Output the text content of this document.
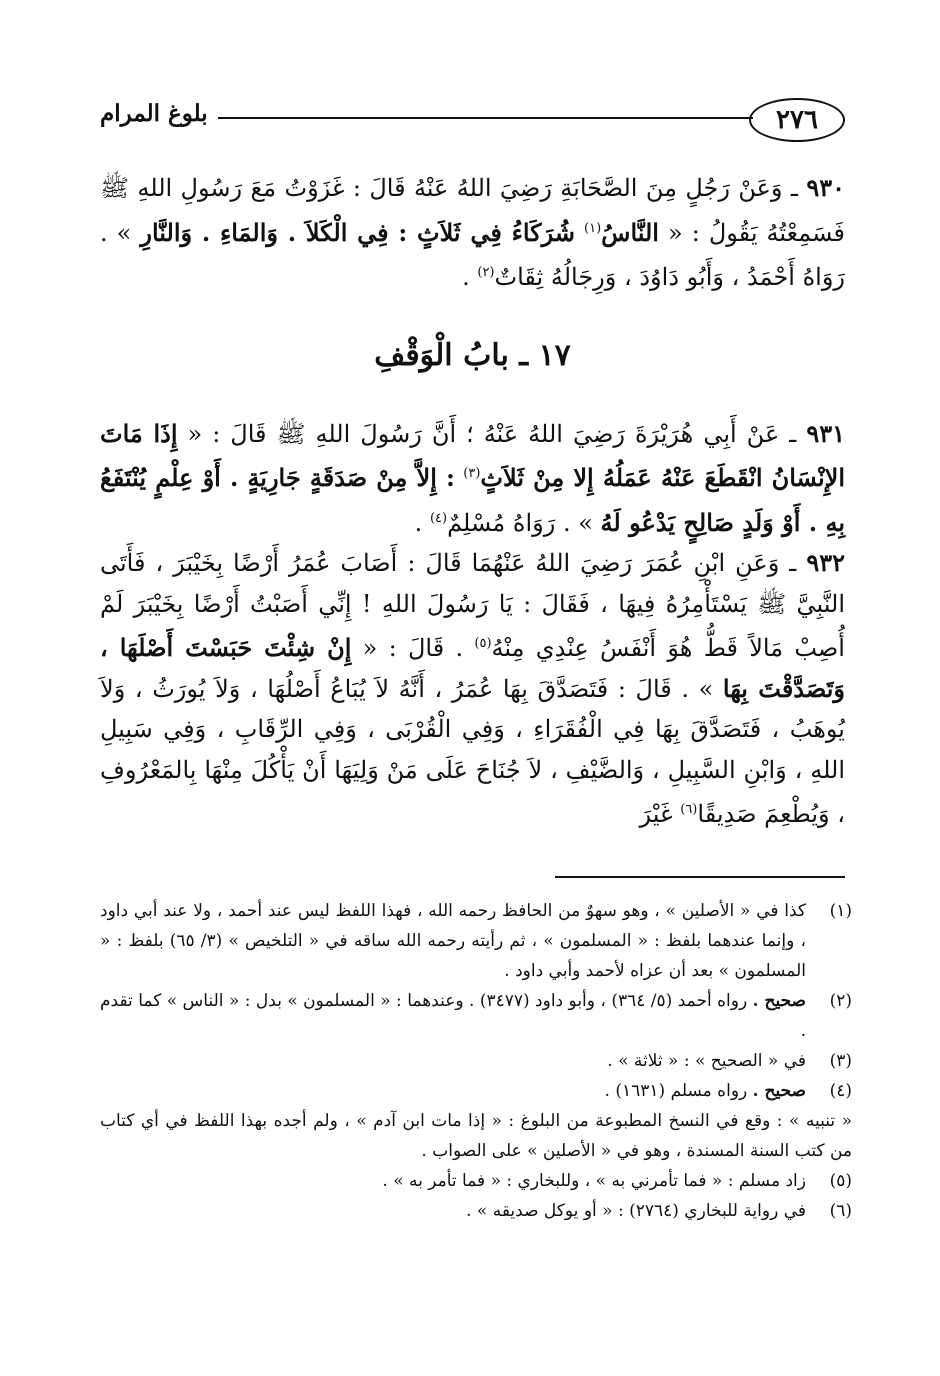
٢٧٦
بلوغ المرام

٩٣٠ ـ وَعَنْ رَجُلٍ مِنَ الصَّحَابَةِ رَضِيَ اللهُ عَنْهُ قَالَ : غَزَوْتُ مَعَ رَسُولِ اللهِ ﷺ فَسَمِعْتُهُ يَقُولُ : « النَّاسُ$^{(١)}$ شُرَكَاءُ فِي ثَلاَثٍ : فِي الْكَلاَ . وَالمَاءِ . وَالنَّارِ » . رَوَاهُ أَحْمَدُ ، وَأَبُو دَاوُدَ ، وَرِجَالُهُ ثِقَاتٌ$^{(٢)}$ .

١٧ ـ بابُ الْوَقْفِ

٩٣١ ـ عَنْ أَبِي هُرَيْرَةَ رَضِيَ اللهُ عَنْهُ ؛ أَنَّ رَسُولَ اللهِ ﷺ قَالَ : « إِذَا مَاتَ الإِنْسَانُ انْقَطَعَ عَنْهُ عَمَلُهُ إِلا مِنْ ثَلاَثٍ$^{(٣)}$ : إِلاَّ مِنْ صَدَقَةٍ جَارِيَةٍ . أَوْ عِلْمٍ يُنْتَفَعُ بِهِ . أَوْ وَلَدٍ صَالِحٍ يَدْعُو لَهُ » . رَوَاهُ مُسْلِمٌ$^{(٤)}$ .

٩٣٢ ـ وَعَنِ ابْنِ عُمَرَ رَضِيَ اللهُ عَنْهُمَا قَالَ : أَصَابَ عُمَرُ أَرْضًا بِخَيْبَرَ ، فَأَتَى النَّبِيَّ ﷺ يَسْتَأْمِرُهُ فِيهَا ، فَقَالَ : يَا رَسُولَ اللهِ ! إِنِّي أَصَبْتُ أَرْضًا بِخَيْبَرَ لَمْ أُصِبْ مَالاً قَطُّ هُوَ أَنْفَسُ عِنْدِي مِنْهُ$^{(٥)}$ . قَالَ : « إِنْ شِئْتَ حَبَسْتَ أَصْلَهَا ، وَتَصَدَّقْتَ بِهَا » . قَالَ : فَتَصَدَّقَ بِهَا عُمَرُ ، أَنَّهُ لاَ يُبَاعُ أَصْلُهَا ، وَلاَ يُورَثُ ، وَلاَ يُوهَبُ ، فَتَصَدَّقَ بِهَا فِي الْفُقَرَاءِ ، وَفِي الْقُرْبَى ، وَفِي الرِّقَابِ ، وَفِي سَبِيلِ اللهِ ، وَابْنِ السَّبِيلِ ، وَالضَّيْفِ ، لاَ جُنَاحَ عَلَى مَنْ وَلِيَهَا أَنْ يَأْكُلَ مِنْهَا بِالمَعْرُوفِ ، وَيُطْعِمَ صَدِيقًا$^{(٦)}$ غَيْرَ

(١)
كذا في « الأصلين » ، وهو سهوٌ من الحافظ رحمه الله ، فهذا اللفظ ليس عند أحمد ، ولا عند أبي داود ، وإنما عندهما بلفظ : « المسلمون » ، ثم رأيته رحمه الله ساقه في « التلخيص » (٣/ ٦٥) بلفظ : « المسلمون » بعد أن عزاه لأحمد وأبي داود .
(٢)
صحيح . رواه أحمد (٥/ ٣٦٤) ، وأبو داود (٣٤٧٧) . وعندهما : « المسلمون » بدل : « الناس » كما تقدم .
(٣)
في « الصحيح » : « ثلاثة » .
(٤)
صحيح . رواه مسلم (١٦٣١) .
« تنبيه » : وقع في النسخ المطبوعة من البلوغ : « إذا مات ابن آدم » ، ولم أجده بهذا اللفظ في أي كتاب من كتب السنة المسندة ، وهو في « الأصلين » على الصواب .
(٥)
زاد مسلم : « فما تأمرني به » ، وللبخاري : « فما تأمر به » .
(٦)
في رواية للبخاري (٢٧٦٤) : « أو يوكل صديقه » .
